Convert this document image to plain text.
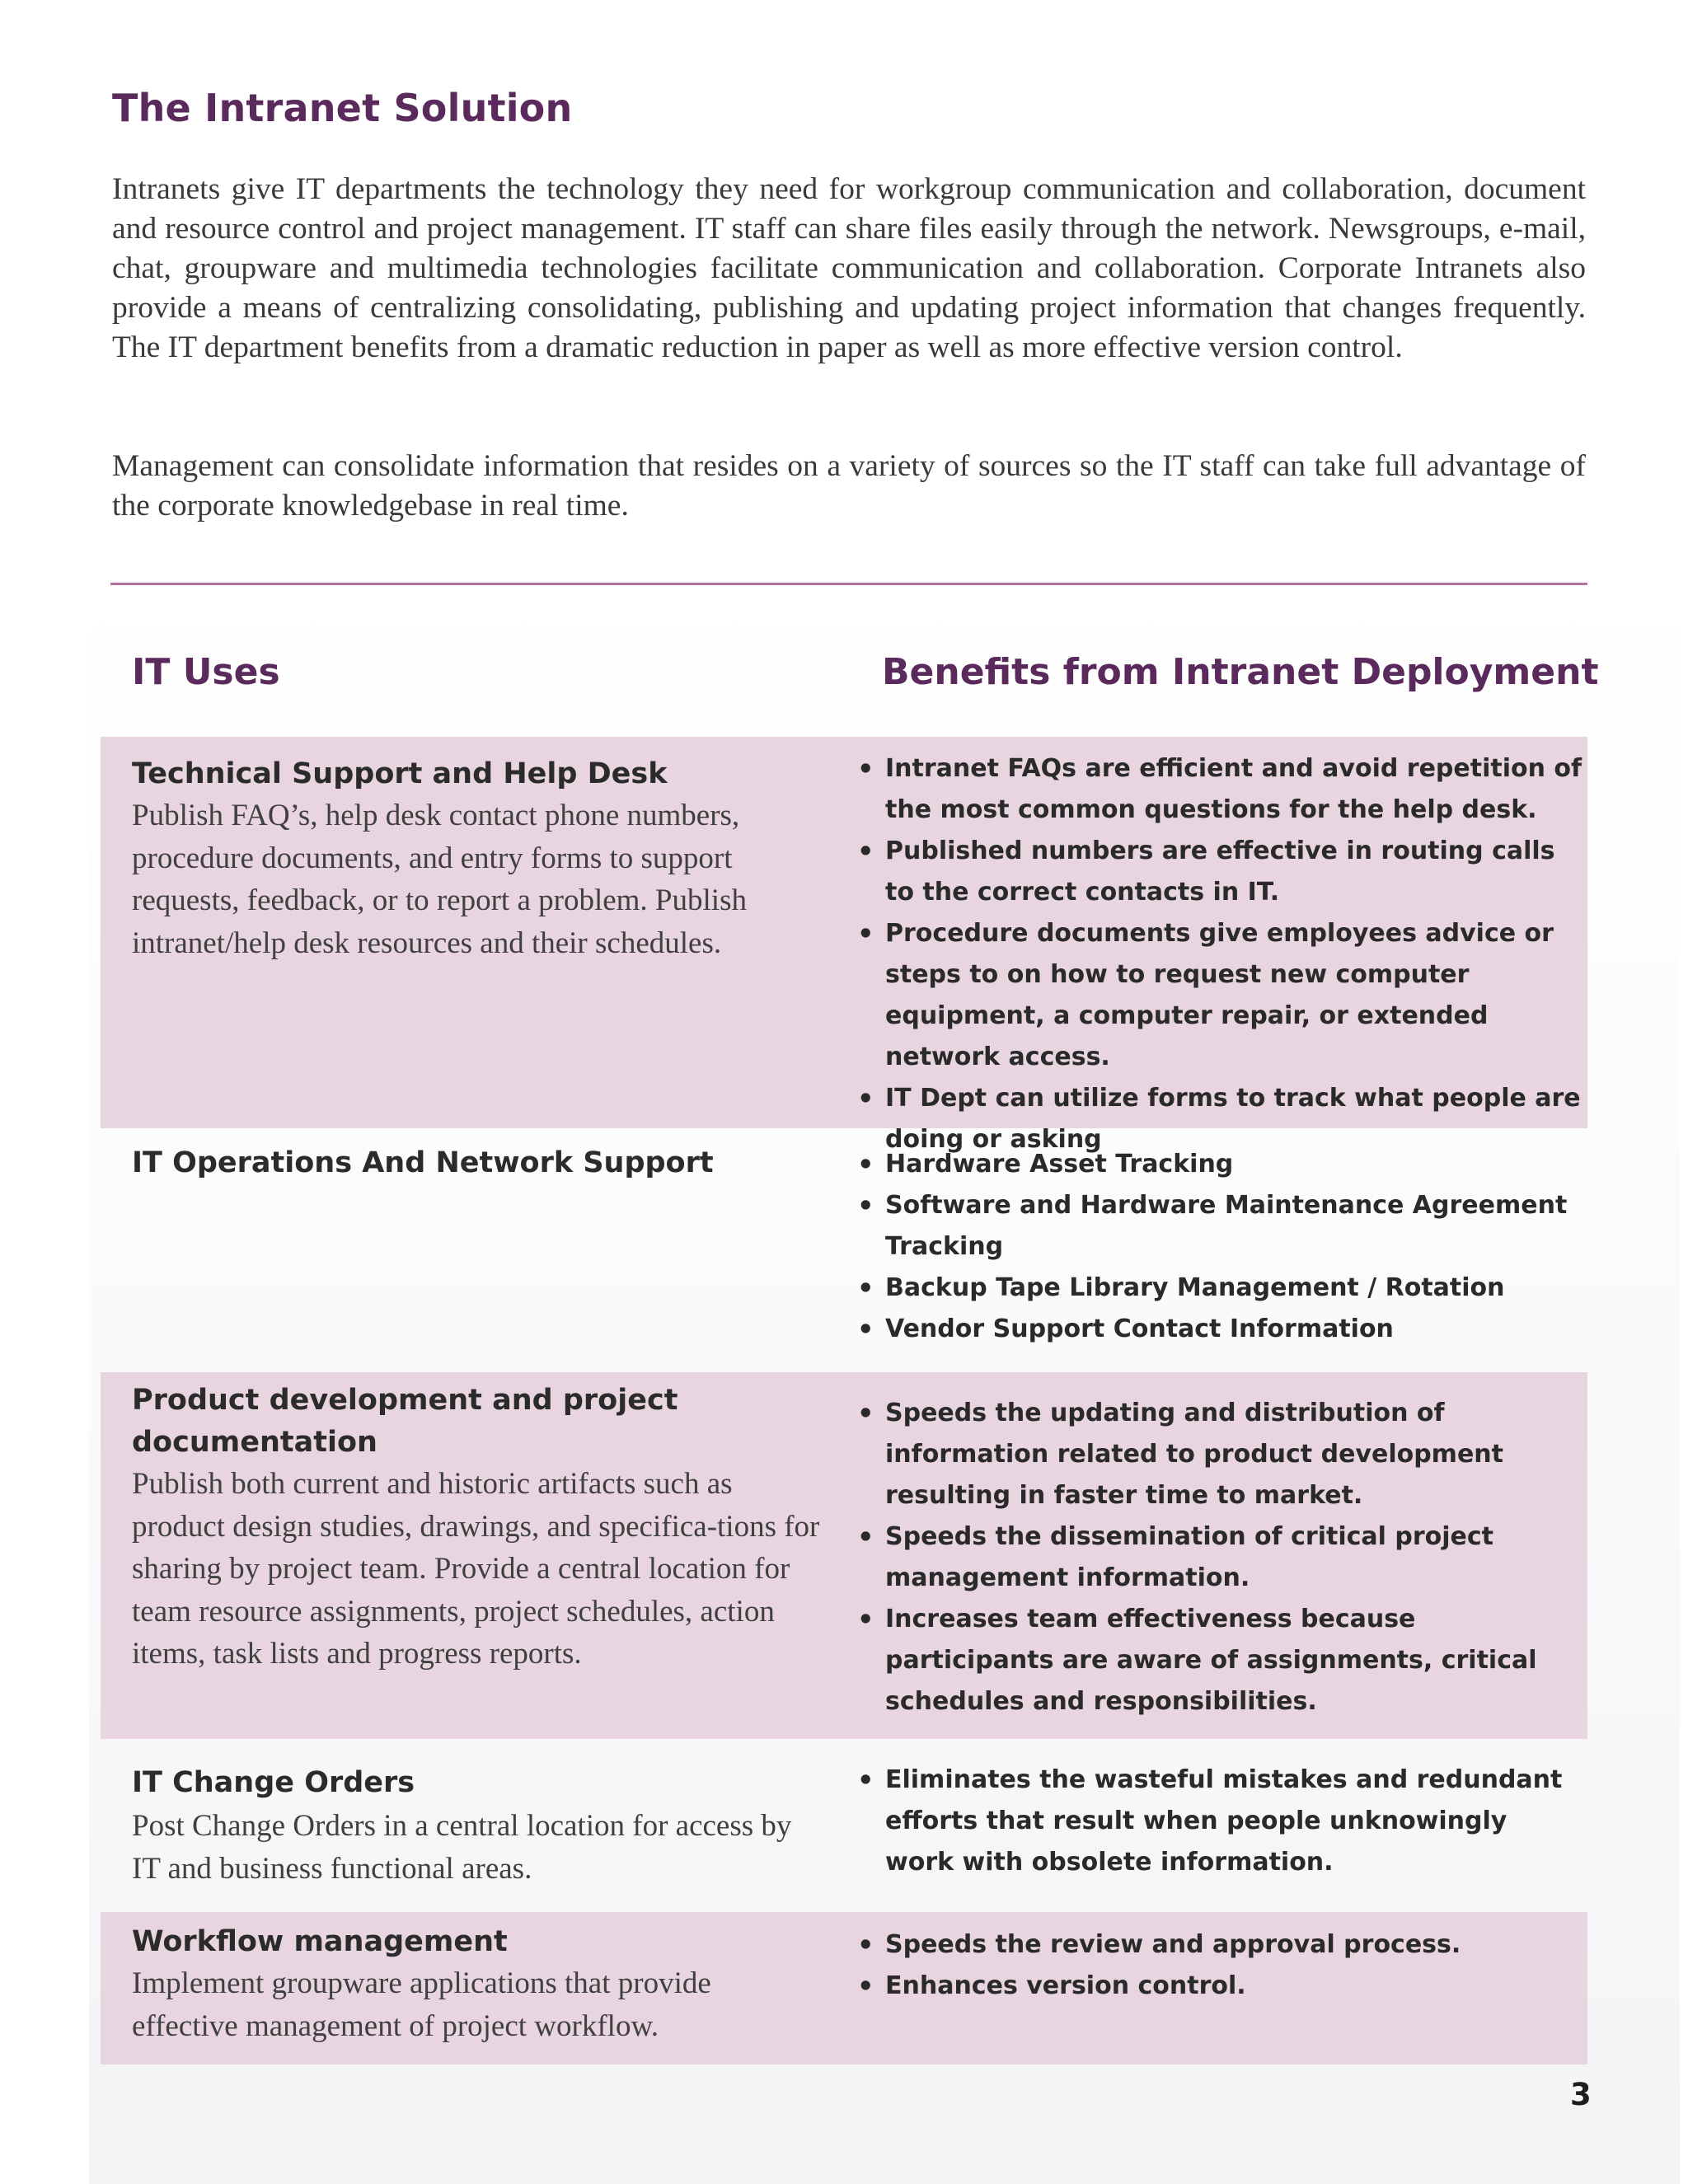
The Intranet Solution

Intranets give IT departments the technology they need for workgroup communication and collaboration, document and resource control and project management. IT staff can share files easily through the network. Newsgroups, e-mail, chat, groupware and multimedia technologies facilitate communication and collaboration. Corporate Intranets also provide a means of centralizing consolidating, publishing and updating project information that changes frequently. The IT department benefits from a dramatic reduction in paper as well as more effective version control.

Management can consolidate information that resides on a variety of sources so the IT staff can take full advantage of the corporate knowledgebase in real time.

IT Uses	Benefits from Intranet Deployment
Technical Support and Help Desk

Publish FAQ’s, help desk contact phone numbers, procedure documents, and entry forms to support requests, feedback, or to report a problem. Publish intranet/help desk resources and their schedules.

• Intranet FAQs are efficient and avoid repetition of the most common questions for the help desk.
• Published numbers are effective in routing calls to the correct contacts in IT.
• Procedure documents give employees advice or steps to on how to request new computer equipment, a computer repair, or extended network access.
• IT Dept can utilize forms to track what people are doing or asking
IT Operations And Network Support
•	Hardware Asset Tracking
• Software and Hardware Maintenance Agreement Tracking
• Backup Tape Library Management / Rotation
• Vendor Support Contact Information
Product development and project documentation

Publish both current and historic artifacts such as product design studies, drawings, and specifica-tions for sharing by project team. Provide a central location for team resource assignments, project schedules, action items, task lists and progress reports.

• Speeds the updating and distribution of information related to product development resulting in faster time to market.
• Speeds the dissemination of critical project management information.
• Increases team effectiveness because participants are aware of assignments, critical schedules and responsibilities.
IT Change Orders

Post Change Orders in a central location for access by IT and business functional areas.

• Eliminates the wasteful mistakes and redundant efforts that result when people unknowingly work with obsolete information.
Workflow management

Implement groupware applications that provide effective management of project workflow.

• Speeds the review and approval process.
• Enhances version control.
3
